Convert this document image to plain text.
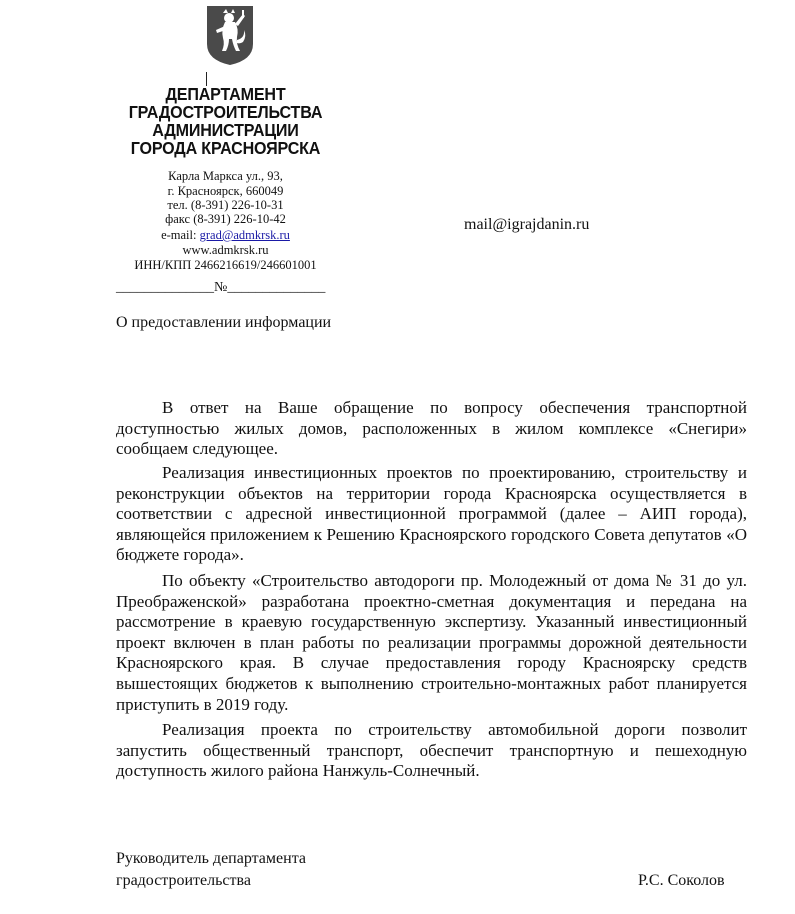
ДЕПАРТАМЕНТ
ГРАДОСТРОИТЕЛЬСТВА
АДМИНИСТРАЦИИ
ГОРОДА КРАСНОЯРСКА
Карла Маркса ул., 93,
г. Красноярск, 660049
тел. (8-391) 226-10-31
факс (8-391) 226-10-42
e-mail: grad@admkrsk.ru
www.admkrsk.ru
ИНН/КПП 2466216619/246601001
mail@igrajdanin.ru
______________№______________
О предоставлении информации

В ответ на Ваше обращение по вопросу обеспечения транспортной доступностью жилых домов, расположенных в жилом комплексе «Снегири» сообщаем следующее.

Реализация инвестиционных проектов по проектированию, строительству и реконструкции объектов на территории города Красноярска осуществляется в соответствии с адресной инвестиционной программой (далее – АИП города), являющейся приложением к Решению Красноярского городского Совета депутатов «О бюджете города».

По объекту «Строительство автодороги пр. Молодежный от дома № 31 до ул. Преображенской» разработана проектно-сметная документация и передана на рассмотрение в краевую государственную экспертизу. Указанный инвестиционный проект включен в план работы по реализации программы дорожной деятельности Красноярского края. В случае предоставления городу Красноярску средств вышестоящих бюджетов к выполнению строительно-монтажных работ планируется приступить в 2019 году.

Реализация проекта по строительству автомобильной дороги позволит запустить общественный транспорт, обеспечит транспортную и пешеходную доступность жилого района Нанжуль-Солнечный.

Руководитель департамента
градостроительства	Р.С. Соколов
